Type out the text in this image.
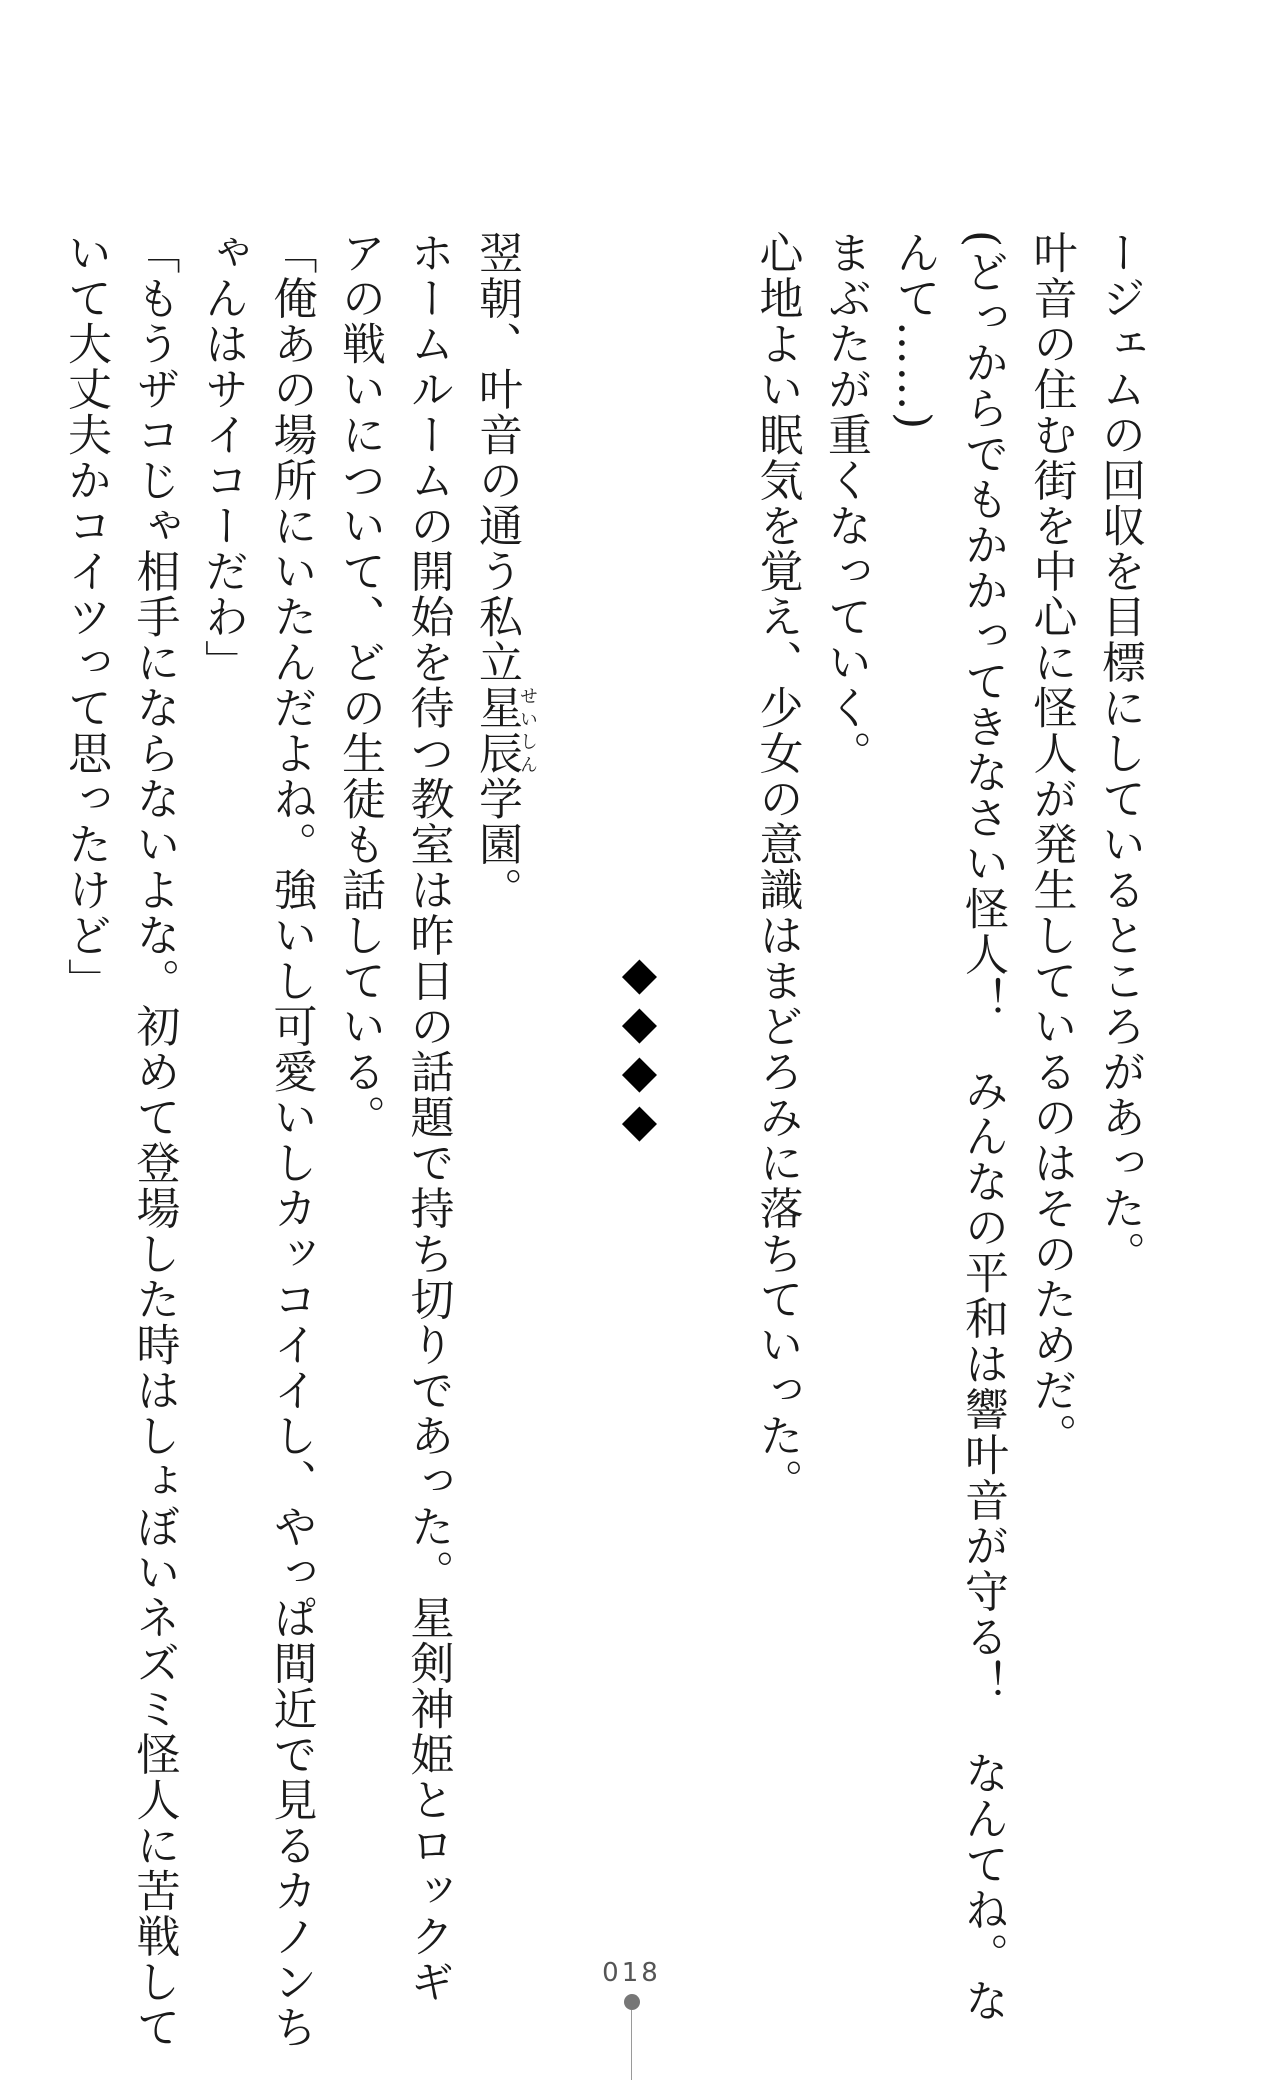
ージェムの回収を目標にしているところがあった。
叶音の住む街を中心に怪人が発生しているのはそのためだ。
(どっからでもかかってきなさい怪人！　みんなの平和は響叶音が守る！　なんてね。な
んて……)
まぶたが重くなっていく。
心地よい眠気を覚え、少女の意識はまどろみに落ちていった。
◆◆◆◆
翌朝、叶音の通う私立星辰せいしん学園。
ホームルームの開始を待つ教室は昨日の話題で持ち切りであった。星剣神姫とロックギ
アの戦いについて、どの生徒も話している。
「俺あの場所にいたんだよね。強いし可愛いしカッコイイし、やっぱ間近で見るカノンち
ゃんはサイコーだわ」
「もうザコじゃ相手にならないよな。初めて登場した時はしょぼいネズミ怪人に苦戦して
いて大丈夫かコイツって思ったけど」
018
